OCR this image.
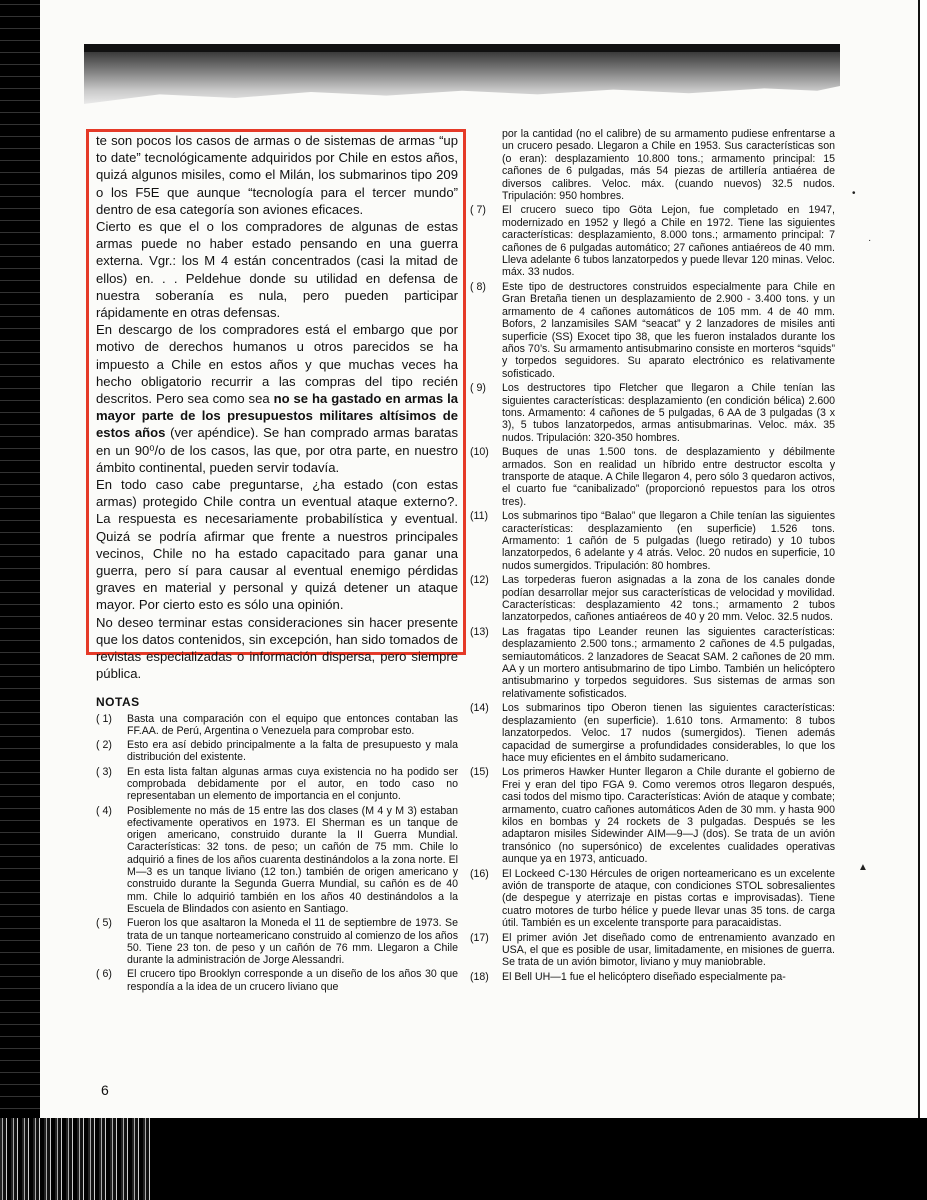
te son pocos los casos de armas o de sistemas de armas “up to date” tecnológicamente adquiridos por Chile en estos años, quizá algunos misiles, como el Milán, los submarinos tipo 209 o los F5E que aunque “tecnología para el tercer mundo” dentro de esa categoría son aviones eficaces.

Cierto es que el o los compradores de algunas de estas armas puede no haber estado pensando en una guerra externa. Vgr.: los M 4 están concentrados (casi la mitad de ellos) en. . . Peldehue donde su utilidad en defensa de nuestra soberanía es nula, pero pueden participar rápidamente en otras defensas.

En descargo de los compradores está el embargo que por motivo de derechos humanos u otros parecidos se ha impuesto a Chile en estos años y que muchas veces ha hecho obligatorio recurrir a las compras del tipo recién descritos. Pero sea como sea no se ha gastado en armas la mayor parte de los presupuestos militares altísimos de estos años (ver apéndice). Se han comprado armas baratas en un 90⁰/o de los casos, las que, por otra parte, en nuestro ámbito continental, pueden servir todavía.

En todo caso cabe preguntarse, ¿ha estado (con estas armas) protegido Chile contra un eventual ataque externo?. La respuesta es necesariamente probabilística y eventual. Quizá se podría afirmar que frente a nuestros principales vecinos, Chile no ha estado capacitado para ganar una guerra, pero sí para causar al eventual enemigo pérdidas graves en material y personal y quizá detener un ataque mayor. Por cierto esto es sólo una opinión.

No deseo terminar estas consideraciones sin hacer presente que los datos contenidos, sin excepción, han sido tomados de revistas especializadas o información dispersa, pero siempre pública.

NOTAS
( 1)	Basta una comparación con el equipo que entonces contaban las FF.AA. de Perú, Argentina o Venezuela para comprobar esto.
( 2)	Esto era así debido principalmente a la falta de presupuesto y mala distribución del existente.
( 3)	En esta lista faltan algunas armas cuya existencia no ha podido ser comprobada debidamente por el autor, en todo caso no representaban un elemento de importancia en el conjunto.
( 4)	Posiblemente no más de 15 entre las dos clases (M 4 y M 3) estaban efectivamente operativos en 1973. El Sherman es un tanque de origen americano, construido durante la II Guerra Mundial. Características: 32 tons. de peso; un cañón de 75 mm. Chile lo adquirió a fines de los años cuarenta destinándolos a la zona norte. El M—3 es un tanque liviano (12 ton.) también de origen americano y construido durante la Segunda Guerra Mundial, su cañón es de 40 mm. Chile lo adquirió también en los años 40 destinándolos a la Escuela de Blindados con asiento en Santiago.
( 5)	Fueron los que asaltaron la Moneda el 11 de septiembre de 1973. Se trata de un tanque norteamericano construido al comienzo de los años 50. Tiene 23 ton. de peso y un cañón de 76 mm. Llegaron a Chile durante la administración de Jorge Alessandri.
( 6)	El crucero tipo Brooklyn corresponde a un diseño de los años 30 que respondía a la idea de un crucero liviano que
por la cantidad (no el calibre) de su armamento pudiese enfrentarse a un crucero pesado. Llegaron a Chile en 1953. Sus características son (o eran): desplazamiento 10.800 tons.; armamento principal: 15 cañones de 6 pulgadas, más 54 piezas de artillería antiaérea de diversos calibres. Veloc. máx. (cuando nuevos) 32.5 nudos. Tripulación: 950 hombres.
( 7)	El crucero sueco tipo Göta Lejon, fue completado en 1947, modernizado en 1952 y llegó a Chile en 1972. Tiene las siguientes características: desplazamiento, 8.000 tons.; armamento principal: 7 cañones de 6 pulgadas automático; 27 cañones antiaéreos de 40 mm. Lleva adelante 6 tubos lanzatorpedos y puede llevar 120 minas. Veloc. máx. 33 nudos.
( 8)	Este tipo de destructores construidos especialmente para Chile en Gran Bretaña tienen un desplazamiento de 2.900 - 3.400 tons. y un armamento de 4 cañones automáticos de 105 mm. 4 de 40 mm. Bofors, 2 lanzamisiles SAM “seacat” y 2 lanzadores de misiles anti superficie (SS) Exocet tipo 38, que les fueron instalados durante los años 70’s. Su armamento antisubmarino consiste en morteros “squids” y torpedos seguidores. Su aparato electrónico es relativamente sofisticado.
( 9)	Los destructores tipo Fletcher que llegaron a Chile tenían las siguientes características: desplazamiento (en condición bélica) 2.600 tons. Armamento: 4 cañones de 5 pulgadas, 6 AA de 3 pulgadas (3 x 3), 5 tubos lanzatorpedos, armas antisubmarinas. Veloc. máx. 35 nudos. Tripulación: 320-350 hombres.
(10)	Buques de unas 1.500 tons. de desplazamiento y débilmente armados. Son en realidad un híbrido entre destructor escolta y transporte de ataque. A Chile llegaron 4, pero sólo 3 quedaron activos, el cuarto fue “canibalizado” (proporcionó repuestos para los otros tres).
(11)	Los submarinos tipo “Balao” que llegaron a Chile tenían las siguientes características: desplazamiento (en superficie) 1.526 tons. Armamento: 1 cañón de 5 pulgadas (luego retirado) y 10 tubos lanzatorpedos, 6 adelante y 4 atrás. Veloc. 20 nudos en superficie, 10 nudos sumergidos. Tripulación: 80 hombres.
(12)	Las torpederas fueron asignadas a la zona de los canales donde podían desarrollar mejor sus características de velocidad y movilidad. Características: desplazamiento 42 tons.; armamento 2 tubos lanzatorpedos, cañones antiaéreos de 40 y 20 mm. Veloc. 32.5 nudos.
(13)	Las fragatas tipo Leander reunen las siguientes características: desplazamiento 2.500 tons.; armamento 2 cañones de 4.5 pulgadas, semiautomáticos. 2 lanzadores de Seacat SAM. 2 cañones de 20 mm. AA y un mortero antisubmarino de tipo Limbo. También un helicóptero antisubmarino y torpedos seguidores. Sus sistemas de armas son relativamente sofisticados.
(14)	Los submarinos tipo Oberon tienen las siguientes características: desplazamiento (en superficie). 1.610 tons. Armamento: 8 tubos lanzatorpedos. Veloc. 17 nudos (sumergidos). Tienen además capacidad de sumergirse a profundidades considerables, lo que los hace muy eficientes en el ámbito sudamericano.
(15)	Los primeros Hawker Hunter llegaron a Chile durante el gobierno de Frei y eran del tipo FGA 9. Como veremos otros llegaron después, casi todos del mismo tipo. Características: Avión de ataque y combate; armamento, cuatro cañones automáticos Aden de 30 mm. y hasta 900 kilos en bombas y 24 rockets de 3 pulgadas. Después se les adaptaron misiles Sidewinder AIM—9—J (dos). Se trata de un avión transónico (no supersónico) de excelentes cualidades operativas aunque ya en 1973, anticuado.
(16)	El Lockeed C-130 Hércules de origen norteamericano es un excelente avión de transporte de ataque, con condiciones STOL sobresalientes (de despegue y aterrizaje en pistas cortas e improvisadas). Tiene cuatro motores de turbo hélice y puede llevar unas 35 tons. de carga útil. También es un excelente transporte para paracaidistas.
(17)	El primer avión Jet diseñado como de entrenamiento avanzado en USA, el que es posible de usar, limitadamente, en misiones de guerra. Se trata de un avión bimotor, liviano y muy maniobrable.
(18)	El Bell UH—1 fue el helicóptero diseñado especialmente pa-
6
•
·
▲
